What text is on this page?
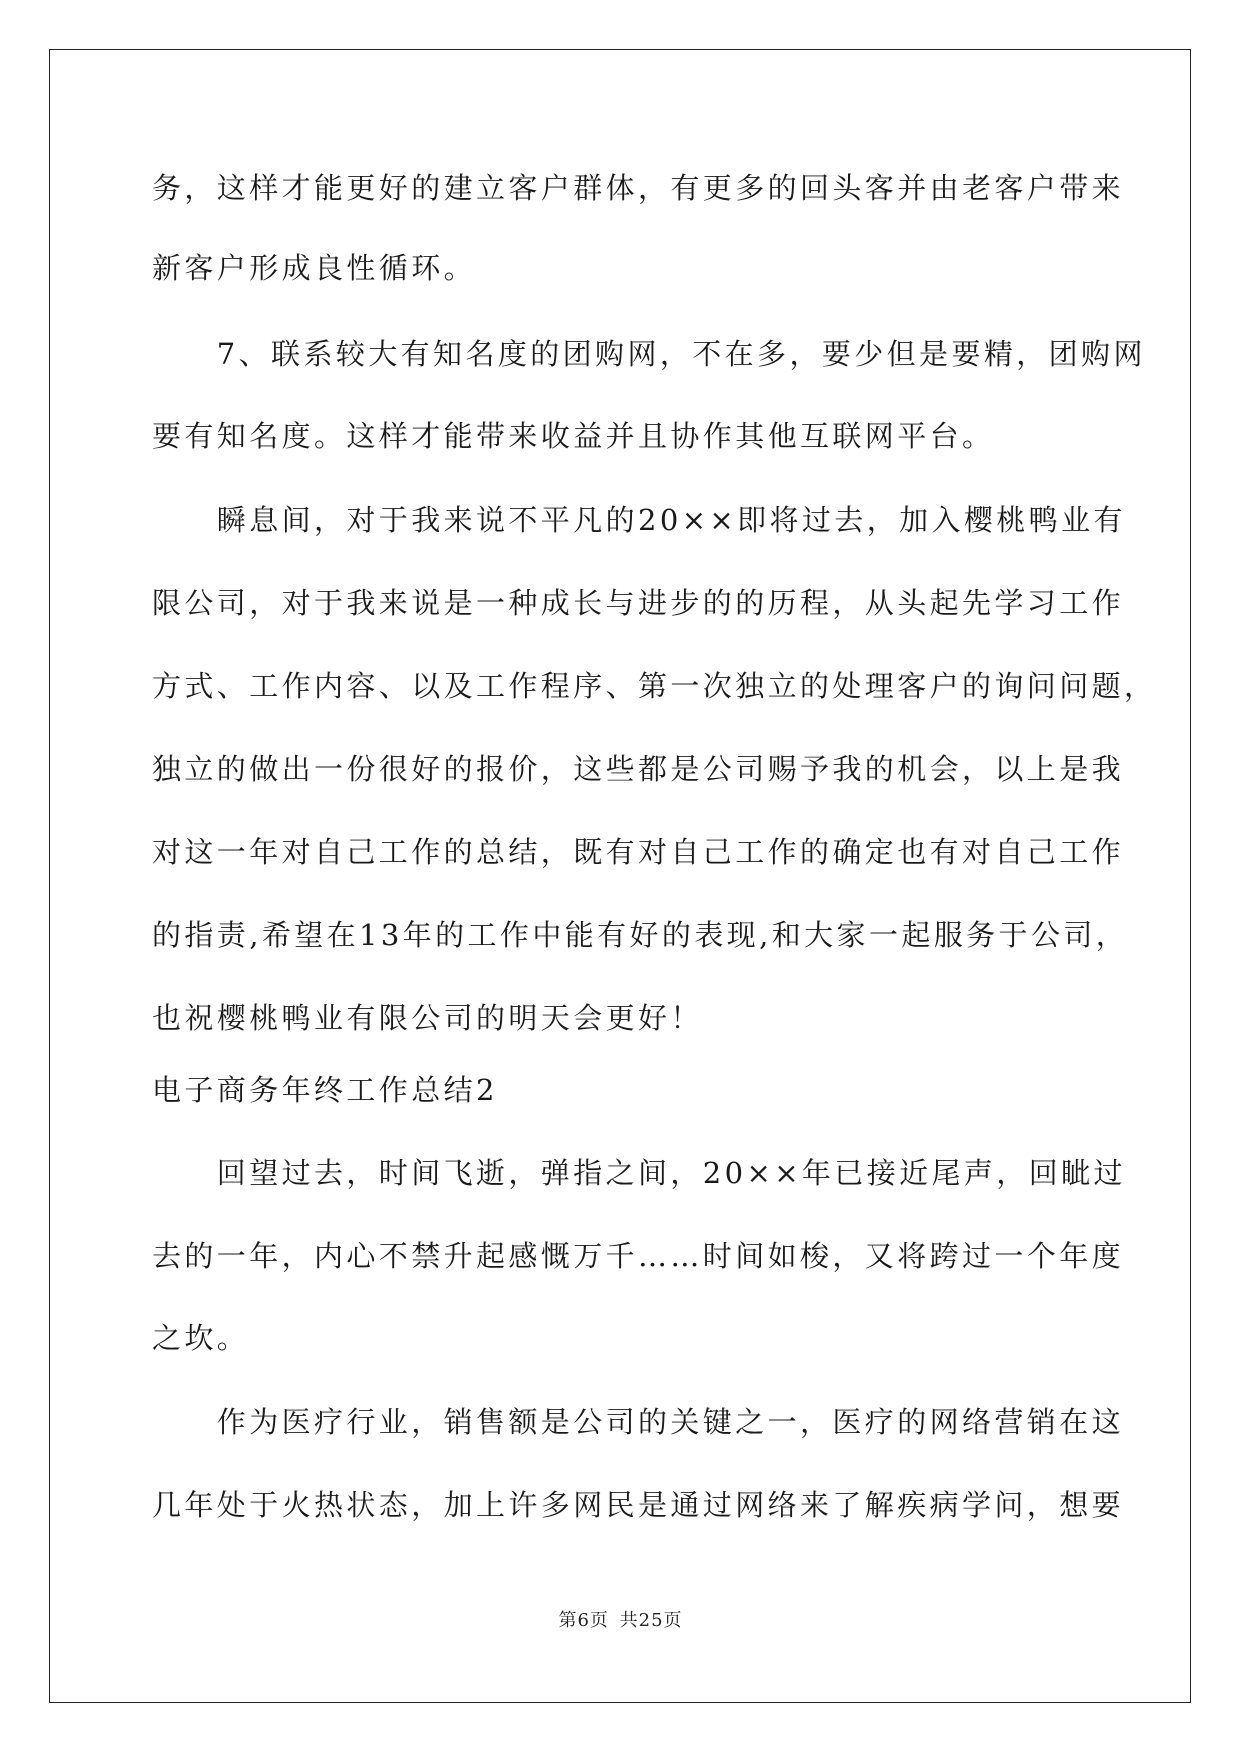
务，这样才能更好的建立客户群体，有更多的回头客并由老客户带来
新客户形成良性循环。
　　7、联系较大有知名度的团购网，不在多，要少但是要精，团购网
要有知名度。这样才能带来收益并且协作其他互联网平台。
　　瞬息间，对于我来说不平凡的20××即将过去，加入樱桃鸭业有
限公司，对于我来说是一种成长与进步的的历程，从头起先学习工作
方式、工作内容、以及工作程序、第一次独立的处理客户的询问问题，
独立的做出一份很好的报价，这些都是公司赐予我的机会，以上是我
对这一年对自己工作的总结，既有对自己工作的确定也有对自己工作
的指责,希望在13年的工作中能有好的表现,和大家一起服务于公司，
也祝樱桃鸭业有限公司的明天会更好！
电子商务年终工作总结2
　　回望过去，时间飞逝，弹指之间，20××年已接近尾声，回眦过
去的一年，内心不禁升起感慨万千……时间如梭，又将跨过一个年度
之坎。
　　作为医疗行业，销售额是公司的关键之一，医疗的网络营销在这
几年处于火热状态，加上许多网民是通过网络来了解疾病学问，想要
第6页 共25页
